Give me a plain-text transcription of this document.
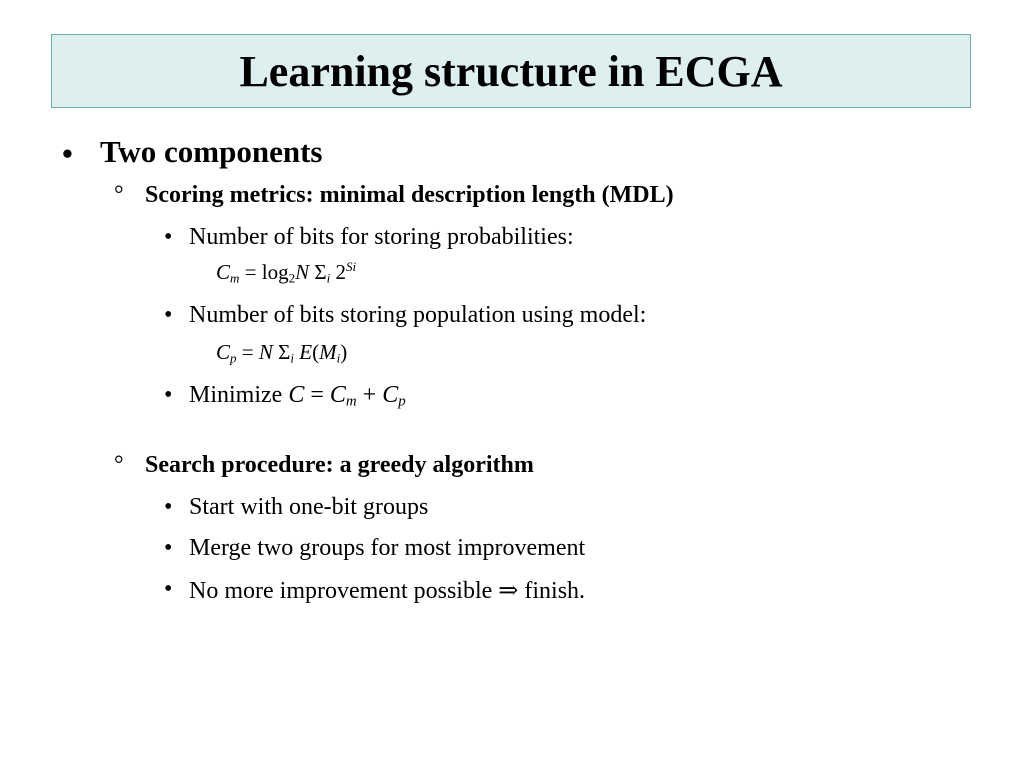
Learning structure in ECGA
• Two components
° Scoring metrics: minimal description length (MDL)
• Number of bits for storing probabilities:
$C_m = \log_2N$ $\Sigma_i$ $2^{Si}$
• Number of bits storing population using model:
$C_p = N$ $\Sigma_i$ $E(M_i)$
• Minimize $C = C_m + C_p$
° Search procedure: a greedy algorithm
• Start with one-bit groups
• Merge two groups for most improvement
• No more improvement possible ⇒ finish.
